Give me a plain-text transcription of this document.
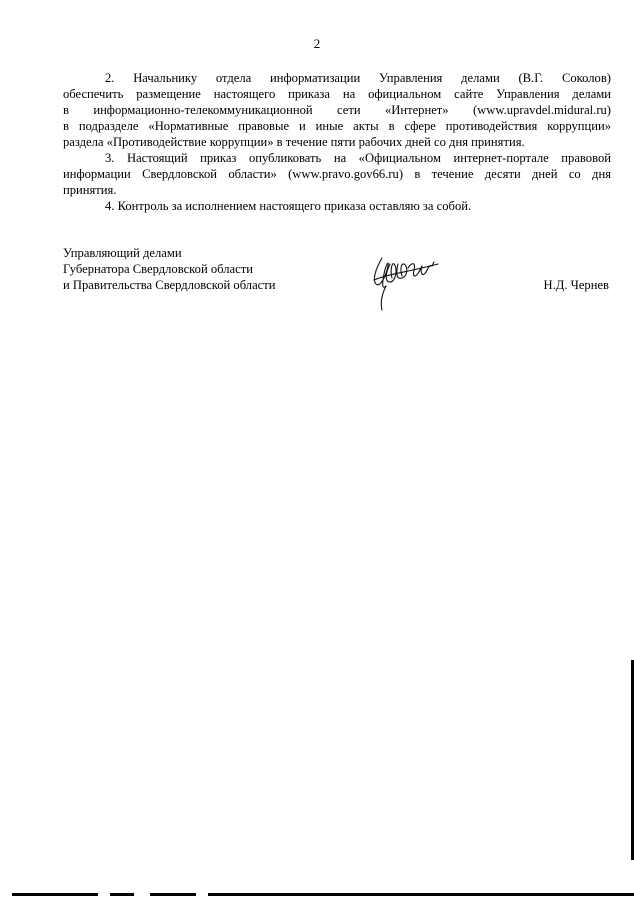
2

2. Начальнику отдела информатизации Управления делами (В.Г. Соколов)
обеспечить размещение настоящего приказа на официальном сайте Управления делами
в информационно-телекоммуникационной сети «Интернет» (www.upravdel.midural.ru)
в подразделе «Нормативные правовые и иные акты в сфере противодействия коррупции»
раздела «Противодействие коррупции» в течение пяти рабочих дней со дня принятия.

3. Настоящий приказ опубликовать на «Официальном интернет-портале правовой
информации Свердловской области» (www.pravo.gov66.ru) в течение десяти дней со дня
принятия.

4. Контроль за исполнением настоящего приказа оставляю за собой.

Управляющий делами
Губернатора Свердловской области
и Правительства Свердловской области	Н.Д. Чернев
